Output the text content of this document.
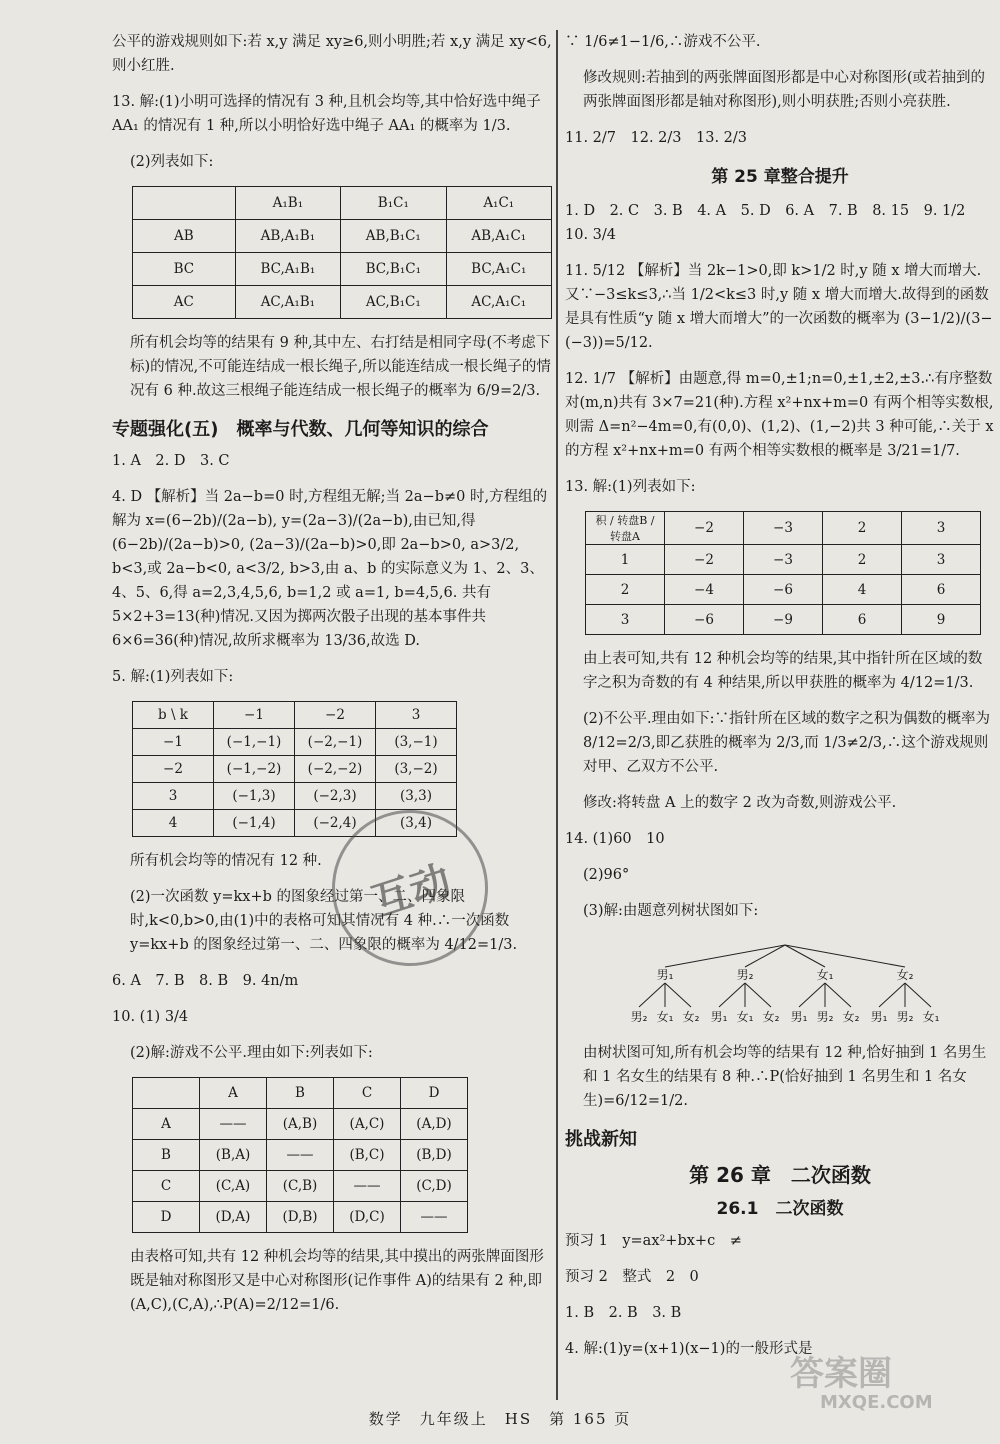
公平的游戏规则如下:若 x,y 满足 xy≥6,则小明胜;若 x,y 满足 xy<6,则小红胜.

13. 解:(1)小明可选择的情况有 3 种,且机会均等,其中恰好选中绳子 AA₁ 的情况有 1 种,所以小明恰好选中绳子 AA₁ 的概率为 1/3.

(2)列表如下:

	A₁B₁	B₁C₁	A₁C₁
AB	AB,A₁B₁	AB,B₁C₁	AB,A₁C₁
BC	BC,A₁B₁	BC,B₁C₁	BC,A₁C₁
AC	AC,A₁B₁	AC,B₁C₁	AC,A₁C₁

所有机会均等的结果有 9 种,其中左、右打结是相同字母(不考虑下标)的情况,不可能连结成一根长绳子,所以能连结成一根长绳子的情况有 6 种.故这三根绳子能连结成一根长绳子的概率为 6/9=2/3.

专题强化(五)　概率与代数、几何等知识的综合

1. A　2. D　3. C

4. D 【解析】当 2a−b=0 时,方程组无解;当 2a−b≠0 时,方程组的解为 x=(6−2b)/(2a−b), y=(2a−3)/(2a−b),由已知,得 (6−2b)/(2a−b)>0, (2a−3)/(2a−b)>0,即 2a−b>0, a>3/2, b<3,或 2a−b<0, a<3/2, b>3,由 a、b 的实际意义为 1、2、3、4、5、6,得 a=2,3,4,5,6, b=1,2 或 a=1, b=4,5,6. 共有 5×2+3=13(种)情况.又因为掷两次骰子出现的基本事件共 6×6=36(种)情况,故所求概率为 13/36,故选 D.

5. 解:(1)列表如下:

b \ k	−1	−2	3
−1	(−1,−1)	(−2,−1)	(3,−1)
−2	(−1,−2)	(−2,−2)	(3,−2)
3	(−1,3)	(−2,3)	(3,3)
4	(−1,4)	(−2,4)	(3,4)

所有机会均等的情况有 12 种.

(2)一次函数 y=kx+b 的图象经过第一、二、四象限时,k<0,b>0,由(1)中的表格可知其情况有 4 种.∴一次函数 y=kx+b 的图象经过第一、二、四象限的概率为 4/12=1/3.

6. A　7. B　8. B　9. 4n/m

10. (1) 3/4

(2)解:游戏不公平.理由如下:列表如下:

	A	B	C	D
A	——	(A,B)	(A,C)	(A,D)
B	(B,A)	——	(B,C)	(B,D)
C	(C,A)	(C,B)	——	(C,D)
D	(D,A)	(D,B)	(D,C)	——

由表格可知,共有 12 种机会均等的结果,其中摸出的两张牌面图形既是轴对称图形又是中心对称图形(记作事件 A)的结果有 2 种,即(A,C),(C,A),∴P(A)=2/12=1/6.

∵ 1/6≠1−1/6,∴游戏不公平.

修改规则:若抽到的两张牌面图形都是中心对称图形(或若抽到的两张牌面图形都是轴对称图形),则小明获胜;否则小亮获胜.

11. 2/7　12. 2/3　13. 2/3

第 25 章整合提升

1. D　2. C　3. B　4. A　5. D　6. A　7. B　8. 15　9. 1/2　10. 3/4

11. 5/12 【解析】当 2k−1>0,即 k>1/2 时,y 随 x 增大而增大.又∵−3≤k≤3,∴当 1/2<k≤3 时,y 随 x 增大而增大.故得到的函数是具有性质“y 随 x 增大而增大”的一次函数的概率为 (3−1/2)/(3−(−3))=5/12.

12. 1/7 【解析】由题意,得 m=0,±1;n=0,±1,±2,±3.∴有序整数对(m,n)共有 3×7=21(种).方程 x²+nx+m=0 有两个相等实数根,则需 Δ=n²−4m=0,有(0,0)、(1,2)、(1,−2)共 3 种可能,∴关于 x 的方程 x²+nx+m=0 有两个相等实数根的概率是 3/21=1/7.

13. 解:(1)列表如下:

积 / 转盘B / 转盘A	−2	−3	2	3
1	−2	−3	2	3
2	−4	−6	4	6
3	−6	−9	6	9

由上表可知,共有 12 种机会均等的结果,其中指针所在区域的数字之积为奇数的有 4 种结果,所以甲获胜的概率为 4/12=1/3.

(2)不公平.理由如下:∵指针所在区域的数字之积为偶数的概率为 8/12=2/3,即乙获胜的概率为 2/3,而 1/3≠2/3,∴这个游戏规则对甲、乙双方不公平.

修改:将转盘 A 上的数字 2 改为奇数,则游戏公平.

14. (1)60　10

(2)96°

(3)解:由题意列树状图如下:

男₁	男₂	女₁	女₂
男₂ 女₁ 女₂ 男₁ 女₁ 女₂ 男₁ 男₂ 女₂ 男₁ 男₂ 女₁

由树状图可知,所有机会均等的结果有 12 种,恰好抽到 1 名男生和 1 名女生的结果有 8 种.∴P(恰好抽到 1 名男生和 1 名女生)=6/12=1/2.

挑战新知
第 26 章　二次函数
26.1　二次函数

预习 1　y=ax²+bx+c　≠

预习 2　整式　2　0

1. B　2. B　3. B

4. 解:(1)y=(x+1)(x−1)的一般形式是

互动
答案圈
MXQE.COM
数学　九年级上　HS　第 165 页
